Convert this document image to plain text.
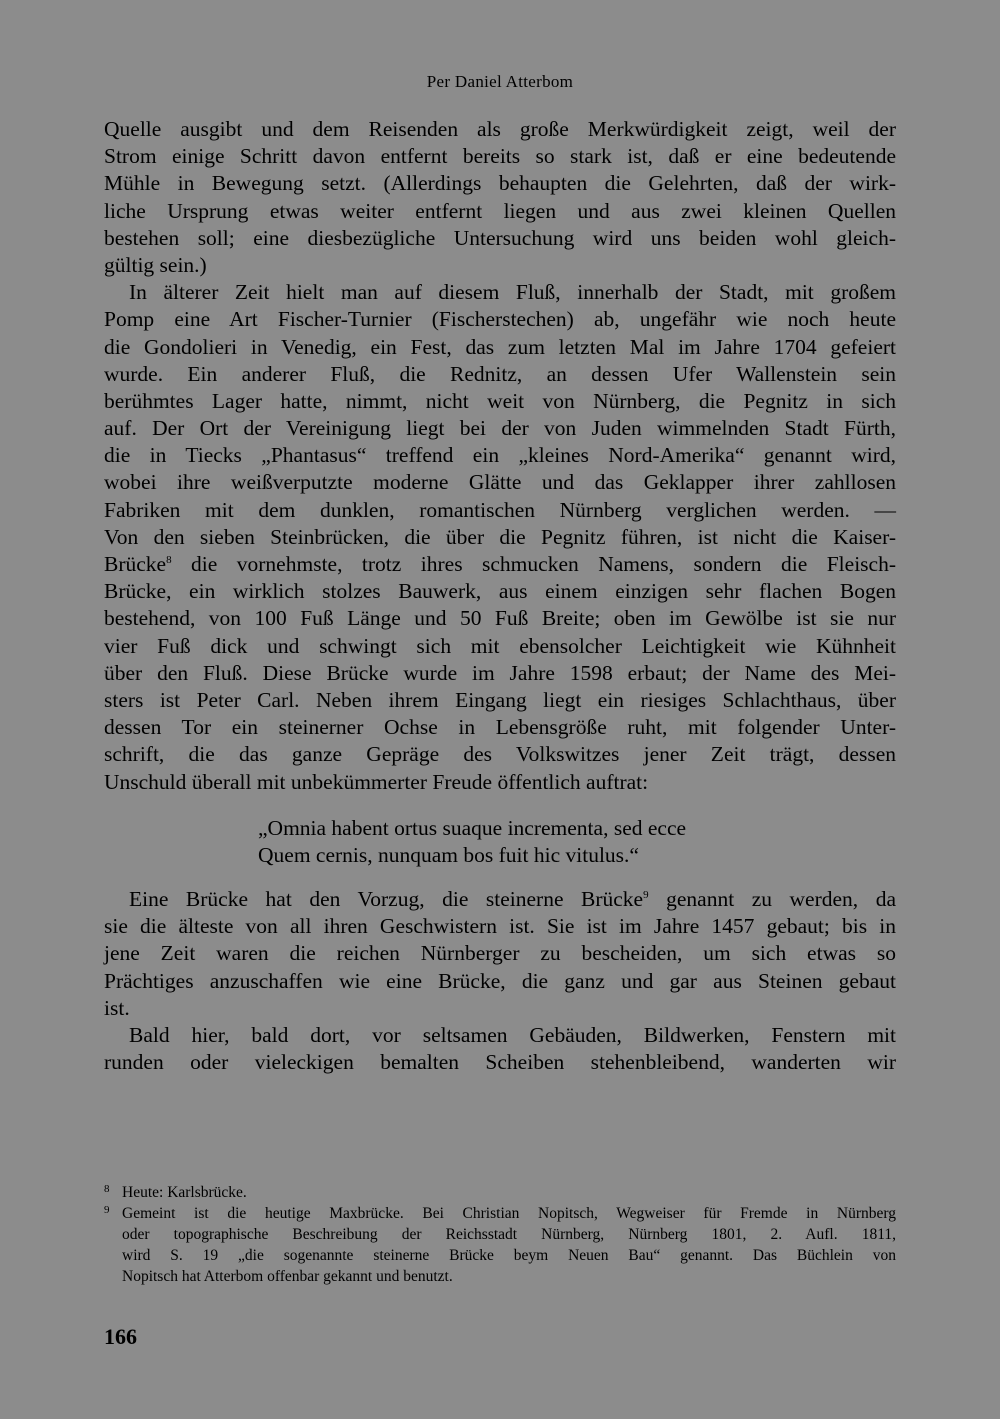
Per Daniel Atterbom
Quelle ausgibt und dem Reisenden als große Merkwürdigkeit zeigt, weil der
Strom einige Schritt davon entfernt bereits so stark ist, daß er eine bedeutende
Mühle in Bewegung setzt. (Allerdings behaupten die Gelehrten, daß der wirk-
liche Ursprung etwas weiter entfernt liegen und aus zwei kleinen Quellen
bestehen soll; eine diesbezügliche Untersuchung wird uns beiden wohl gleich-
gültig sein.)
In älterer Zeit hielt man auf diesem Fluß, innerhalb der Stadt, mit großem
Pomp eine Art Fischer-Turnier (Fischerstechen) ab, ungefähr wie noch heute
die Gondolieri in Venedig, ein Fest, das zum letzten Mal im Jahre 1704 gefeiert
wurde. Ein anderer Fluß, die Rednitz, an dessen Ufer Wallenstein sein
berühmtes Lager hatte, nimmt, nicht weit von Nürnberg, die Pegnitz in sich
auf. Der Ort der Vereinigung liegt bei der von Juden wimmelnden Stadt Fürth,
die in Tiecks „Phantasus“ treffend ein „kleines Nord-Amerika“ genannt wird,
wobei ihre weißverputzte moderne Glätte und das Geklapper ihrer zahllosen
Fabriken mit dem dunklen, romantischen Nürnberg verglichen werden. —
Von den sieben Steinbrücken, die über die Pegnitz führen, ist nicht die Kaiser-
Brücke$^8$ die vornehmste, trotz ihres schmucken Namens, sondern die Fleisch-
Brücke, ein wirklich stolzes Bauwerk, aus einem einzigen sehr flachen Bogen
bestehend, von 100 Fuß Länge und 50 Fuß Breite; oben im Gewölbe ist sie nur
vier Fuß dick und schwingt sich mit ebensolcher Leichtigkeit wie Kühnheit
über den Fluß. Diese Brücke wurde im Jahre 1598 erbaut; der Name des Mei-
sters ist Peter Carl. Neben ihrem Eingang liegt ein riesiges Schlachthaus, über
dessen Tor ein steinerner Ochse in Lebensgröße ruht, mit folgender Unter-
schrift, die das ganze Gepräge des Volkswitzes jener Zeit trägt, dessen
Unschuld überall mit unbekümmerter Freude öffentlich auftrat:
„Omnia habent ortus suaque incrementa, sed ecce
Quem cernis, nunquam bos fuit hic vitulus.“
Eine Brücke hat den Vorzug, die steinerne Brücke$^9$ genannt zu werden, da
sie die älteste von all ihren Geschwistern ist. Sie ist im Jahre 1457 gebaut; bis in
jene Zeit waren die reichen Nürnberger zu bescheiden, um sich etwas so
Prächtiges anzuschaffen wie eine Brücke, die ganz und gar aus Steinen gebaut
ist.
Bald hier, bald dort, vor seltsamen Gebäuden, Bildwerken, Fenstern mit
runden oder vieleckigen bemalten Scheiben stehenbleibend, wanderten wir
8 Heute: Karlsbrücke.
9 Gemeint ist die heutige Maxbrücke. Bei Christian Nopitsch, Wegweiser für Fremde in Nürnberg
oder topographische Beschreibung der Reichsstadt Nürnberg, Nürnberg 1801, 2. Aufl. 1811,
wird S. 19 „die sogenannte steinerne Brücke beym Neuen Bau“ genannt. Das Büchlein von
Nopitsch hat Atterbom offenbar gekannt und benutzt.
166
